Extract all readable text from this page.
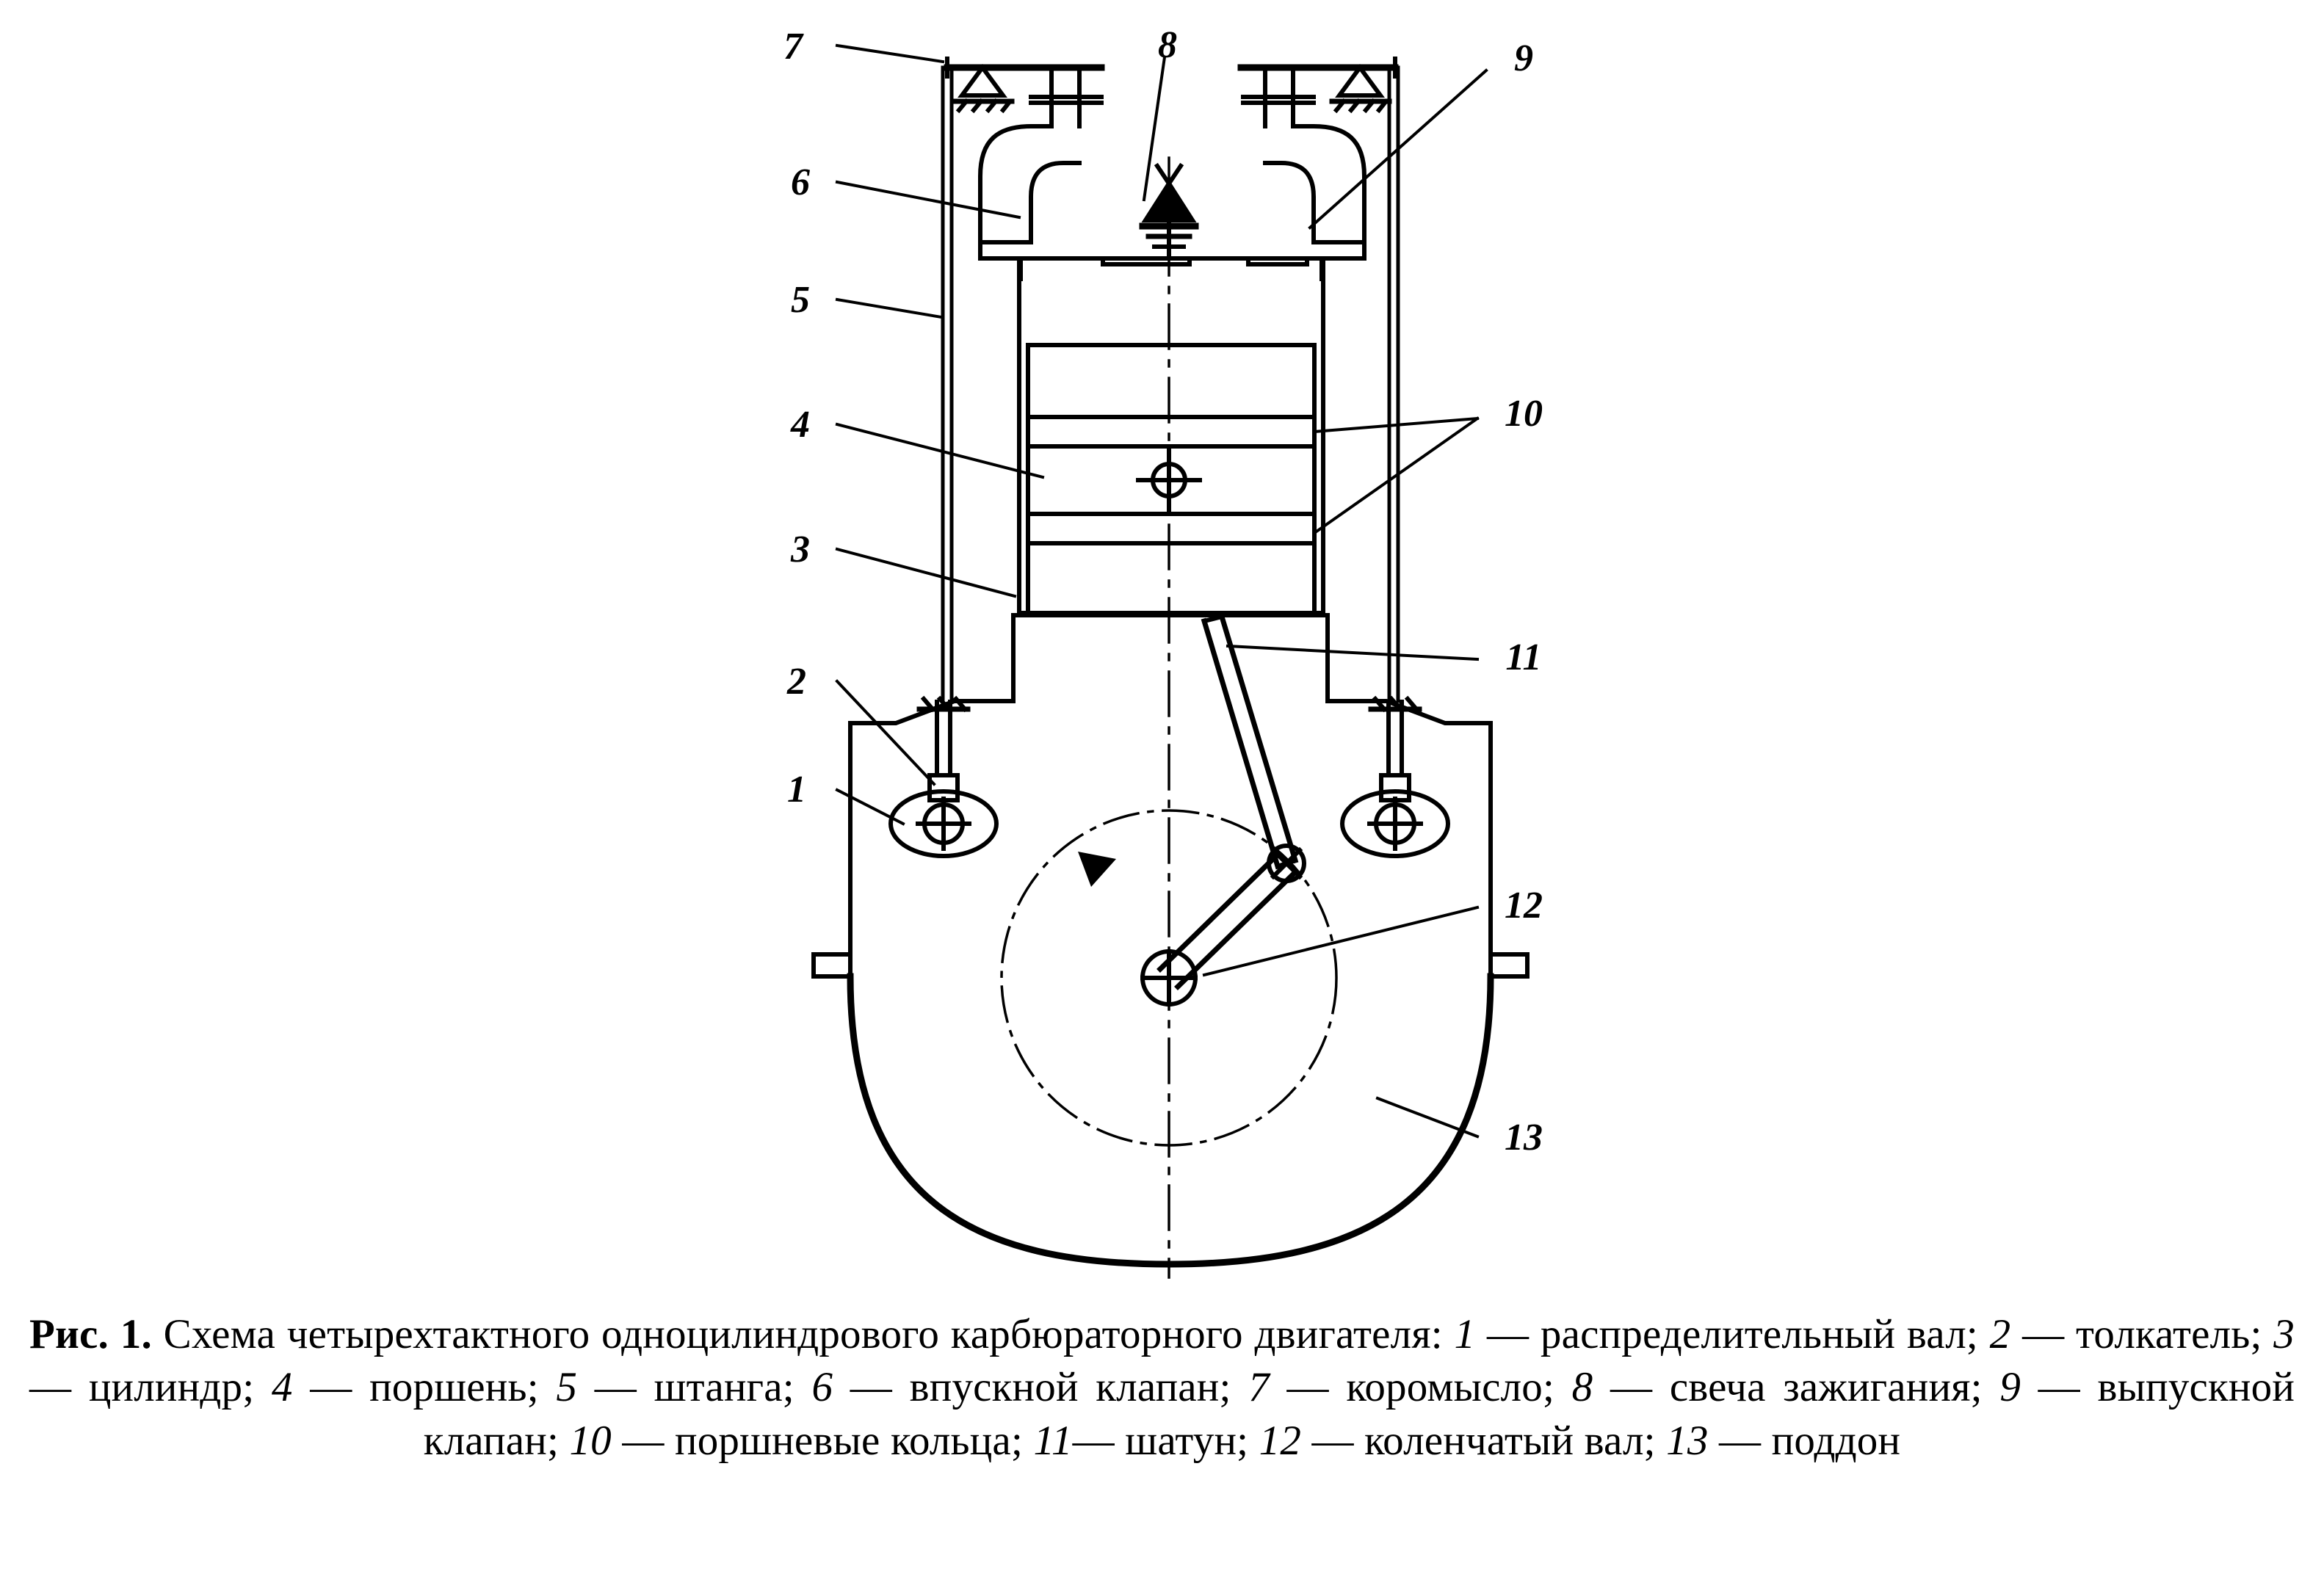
7
6
5
4
3
2
1
8	9
10
11
12
13
Рис. 1. Схема четырехтактного одноцилиндрового карбюраторного двигателя: 1 — распределительный вал; 2 — толкатель; 3 — цилиндр; 4 — поршень; 5 — штанга; 6 — впускной клапан; 7 — коромысло; 8 — свеча зажигания; 9 — выпускной клапан; 10 — поршневые кольца; 11— шатун; 12 — коленчатый вал; 13 — поддон
